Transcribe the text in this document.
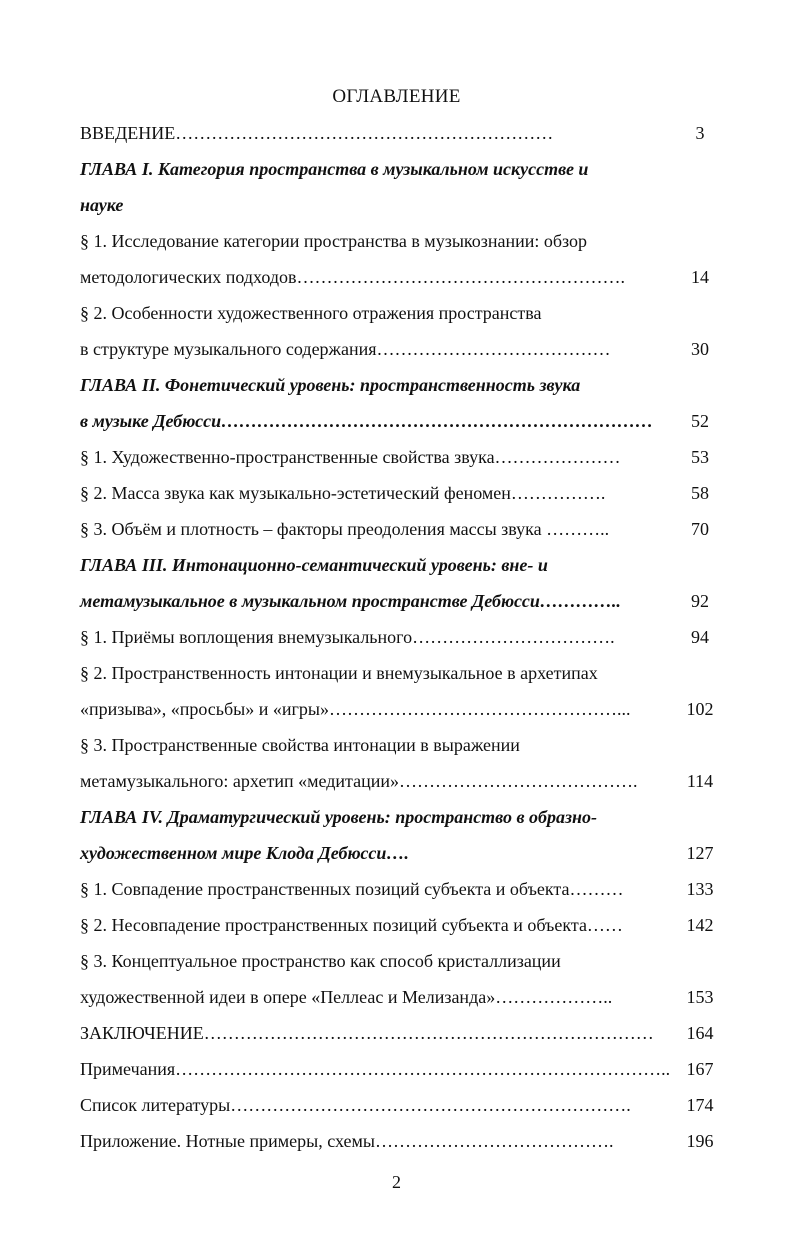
ОГЛАВЛЕНИЕ
ВВЕДЕНИЕ………………………………………………………	3
ГЛАВА I. Категория пространства в музыкальном искусстве и
науке
§ 1. Исследование категории пространства в музыкознании: обзор
методологических подходов……………………………………………….	14
§ 2. Особенности художественного отражения пространства
в структуре музыкального содержания…………………………………	30
ГЛАВА II. Фонетический уровень: пространственность звука
в музыке Дебюсси………………………………………………………………	52
§ 1. Художественно-пространственные свойства звука…………………	53
§ 2. Масса звука как музыкально-эстетический феномен…………….	58
§ 3. Объём и плотность – факторы преодоления массы звука ………..	70
ГЛАВА III. Интонационно-семантический уровень: вне- и
метамузыкальное в музыкальном пространстве Дебюсси…………..	92
§ 1. Приёмы воплощения внемузыкального…………………………….	94
§ 2. Пространственность интонации и внемузыкальное в архетипах
«призыва», «просьбы» и «игры»…………………………………………...	102
§ 3. Пространственные свойства интонации в выражении
метамузыкального: архетип «медитации»………………………………….	114
ГЛАВА IV. Драматургический уровень: пространство в образно-
художественном мире Клода Дебюсси….	127
§ 1. Совпадение пространственных позиций субъекта и объекта………	133
§ 2. Несовпадение пространственных позиций субъекта и объекта……	142
§ 3. Концептуальное пространство как способ кристаллизации
художественной идеи в опере «Пеллеас и Мелизанда»………………..	153
ЗАКЛЮЧЕНИЕ…………………………………………………………………	164
Примечания……………………………………………………………………….. 167
Список литературы………………………………………………………….	174
Приложение. Нотные примеры, схемы………………………………….	196
2
